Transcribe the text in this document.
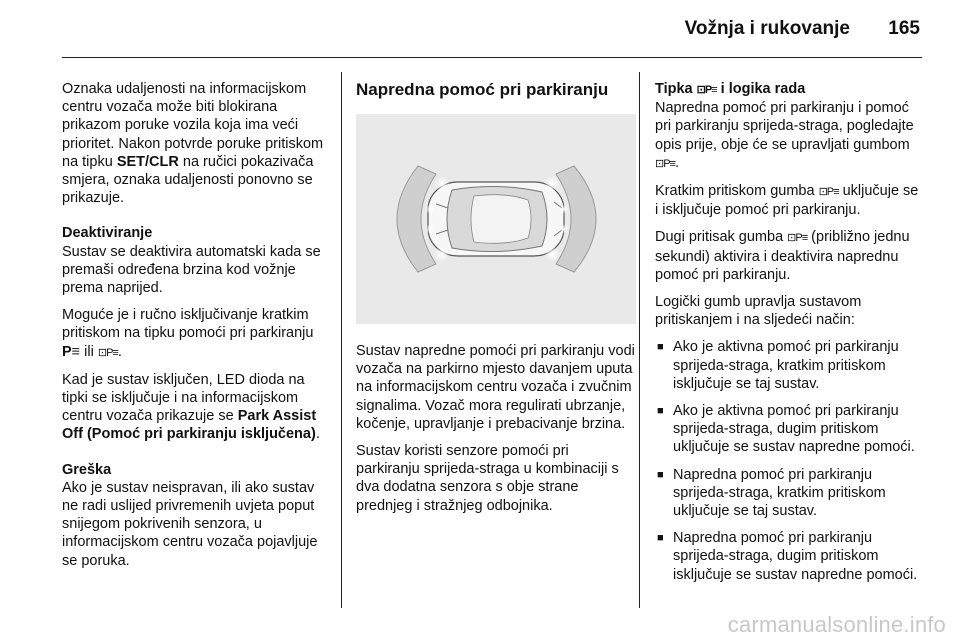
Vožnja i rukovanje 165

Oznaka udaljenosti na informacijskom centru vozača može biti blokirana prikazom poruke vozila koja ima veći prioritet. Nakon potvrde poruke pritiskom na tipku SET/CLR na ručici pokazivača smjera, oznaka udaljenosti ponovno se prikazuje.

Deaktiviranje
Sustav se deaktivira automatski kada se premaši određena brzina kod vožnje prema naprijed.

Moguće je i ručno isključivanje kratkim pritiskom na tipku pomoći pri parkiranju P≡ ili ⊡P≡.

Kad je sustav isključen, LED dioda na tipki se isključuje i na informacijskom centru vozača prikazuje se Park Assist Off (Pomoć pri parkiranju isključena).

Greška
Ako je sustav neispravan, ili ako sustav ne radi uslijed privremenih uvjeta poput snijegom pokrivenih senzora, u informacijskom centru vozača pojavljuje se poruka.

Napredna pomoć pri parkiranju

Sustav napredne pomoći pri parkiranju vodi vozača na parkirno mjesto davanjem uputa na informacijskom centru vozača i zvučnim signalima. Vozač mora regulirati ubrzanje, kočenje, upravljanje i prebacivanje brzina.

Sustav koristi senzore pomoći pri parkiranju sprijeda-straga u kombinaciji s dva dodatna senzora s obje strane prednjeg i stražnjeg odbojnika.

Tipka ⊡P≡ i logika rada

Napredna pomoć pri parkiranju i pomoć pri parkiranju sprijeda-straga, pogledajte opis prije, obje će se upravljati gumbom ⊡P≡.

Kratkim pritiskom gumba ⊡P≡ uključuje se i isključuje pomoć pri parkiranju.

Dugi pritisak gumba ⊡P≡ (približno jednu sekundi) aktivira i deaktivira naprednu pomoć pri parkiranju.

Logički gumb upravlja sustavom pritiskanjem i na sljedeći način:

■ Ako je aktivna pomoć pri parkiranju sprijeda-straga, kratkim pritiskom isključuje se taj sustav.
■ Ako je aktivna pomoć pri parkiranju sprijeda-straga, dugim pritiskom uključuje se sustav napredne pomoći.
■ Napredna pomoć pri parkiranju sprijeda-straga, kratkim pritiskom uključuje se taj sustav.
■ Napredna pomoć pri parkiranju sprijeda-straga, dugim pritiskom isključuje se sustav napredne pomoći.
carmanualsonline.info
